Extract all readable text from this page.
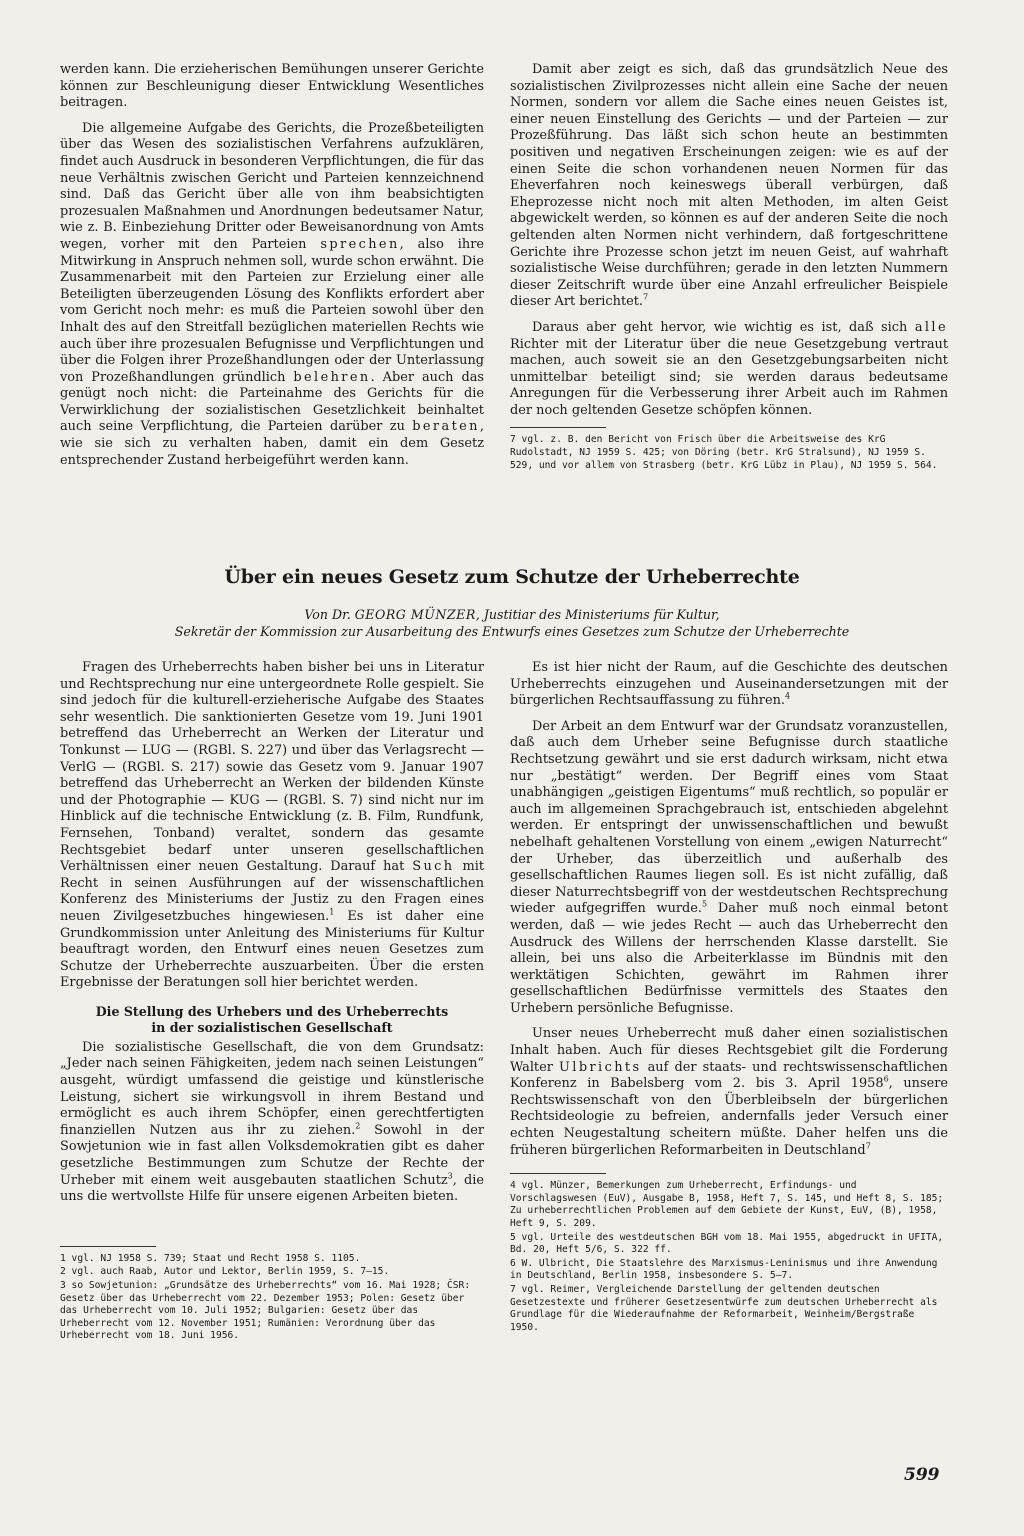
werden kann. Die erzieherischen Bemühungen unserer Gerichte können zur Beschleunigung dieser Entwicklung Wesentliches beitragen.

Die allgemeine Aufgabe des Gerichts, die Prozeßbeteiligten über das Wesen des sozialistischen Verfahrens aufzuklären, findet auch Ausdruck in besonderen Verpflichtungen, die für das neue Verhältnis zwischen Gericht und Parteien kennzeichnend sind. Daß das Gericht über alle von ihm beabsichtigten prozesualen Maßnahmen und Anordnungen bedeutsamer Natur, wie z. B. Einbeziehung Dritter oder Beweisanordnung von Amts wegen, vorher mit den Parteien sprechen, also ihre Mitwirkung in Anspruch nehmen soll, wurde schon erwähnt. Die Zusammenarbeit mit den Parteien zur Erzielung einer alle Beteiligten überzeugenden Lösung des Konflikts erfordert aber vom Gericht noch mehr: es muß die Parteien sowohl über den Inhalt des auf den Streitfall bezüglichen materiellen Rechts wie auch über ihre prozesualen Befugnisse und Verpflichtungen und über die Folgen ihrer Prozeßhandlungen oder der Unterlassung von Prozeßhandlungen gründlich belehren. Aber auch das genügt noch nicht: die Parteinahme des Gerichts für die Verwirklichung der sozialistischen Gesetzlichkeit beinhaltet auch seine Verpflichtung, die Parteien darüber zu beraten, wie sie sich zu verhalten haben, damit ein dem Gesetz entsprechender Zustand herbeigeführt werden kann.

Damit aber zeigt es sich, daß das grundsätzlich Neue des sozialistischen Zivilprozesses nicht allein eine Sache der neuen Normen, sondern vor allem die Sache eines neuen Geistes ist, einer neuen Einstellung des Gerichts — und der Parteien — zur Prozeßführung. Das läßt sich schon heute an bestimmten positiven und negativen Erscheinungen zeigen: wie es auf der einen Seite die schon vorhandenen neuen Normen für das Eheverfahren noch keineswegs überall verbürgen, daß Eheprozesse nicht noch mit alten Methoden, im alten Geist abgewickelt werden, so können es auf der anderen Seite die noch geltenden alten Normen nicht verhindern, daß fortgeschrittene Gerichte ihre Prozesse schon jetzt im neuen Geist, auf wahrhaft sozialistische Weise durchführen; gerade in den letzten Nummern dieser Zeitschrift wurde über eine Anzahl erfreulicher Beispiele dieser Art berichtet.$^7$

Daraus aber geht hervor, wie wichtig es ist, daß sich alle Richter mit der Literatur über die neue Gesetzgebung vertraut machen, auch soweit sie an den Gesetzgebungsarbeiten nicht unmittelbar beteiligt sind; sie werden daraus bedeutsame Anregungen für die Verbesserung ihrer Arbeit auch im Rahmen der noch geltenden Gesetze schöpfen können.

7 vgl. z. B. den Bericht von Frisch über die Arbeitsweise des KrG Rudolstadt, NJ 1959 S. 425; von Döring (betr. KrG Stralsund), NJ 1959 S. 529, und vor allem von Strasberg (betr. KrG Lübz in Plau), NJ 1959 S. 564.

Über ein neues Gesetz zum Schutze der Urheberrechte
Von Dr. GEORG MÜNZER, Justitiar des Ministeriums für Kultur,
Sekretär der Kommission zur Ausarbeitung des Entwurfs eines Gesetzes zum Schutze der Urheberrechte

Fragen des Urheberrechts haben bisher bei uns in Literatur und Rechtsprechung nur eine untergeordnete Rolle gespielt. Sie sind jedoch für die kulturell-erzieherische Aufgabe des Staates sehr wesentlich. Die sanktionierten Gesetze vom 19. Juni 1901 betreffend das Urheberrecht an Werken der Literatur und Tonkunst — LUG — (RGBl. S. 227) und über das Verlagsrecht — VerlG — (RGBl. S. 217) sowie das Gesetz vom 9. Januar 1907 betreffend das Urheberrecht an Werken der bildenden Künste und der Photographie — KUG — (RGBl. S. 7) sind nicht nur im Hinblick auf die technische Entwicklung (z. B. Film, Rundfunk, Fernsehen, Tonband) veraltet, sondern das gesamte Rechtsgebiet bedarf unter unseren gesellschaftlichen Verhältnissen einer neuen Gestaltung. Darauf hat Such mit Recht in seinen Ausführungen auf der wissenschaftlichen Konferenz des Ministeriums der Justiz zu den Fragen eines neuen Zivilgesetzbuches hingewiesen.$^1$ Es ist daher eine Grundkommission unter Anleitung des Ministeriums für Kultur beauftragt worden, den Entwurf eines neuen Gesetzes zum Schutze der Urheberrechte auszuarbeiten. Über die ersten Ergebnisse der Beratungen soll hier berichtet werden.

Die Stellung des Urhebers und des Urheberrechts
in der sozialistischen Gesellschaft

Die sozialistische Gesellschaft, die von dem Grundsatz: „Jeder nach seinen Fähigkeiten, jedem nach seinen Leistungen“ ausgeht, würdigt umfassend die geistige und künstlerische Leistung, sichert sie wirkungsvoll in ihrem Bestand und ermöglicht es auch ihrem Schöpfer, einen gerechtfertigten finanziellen Nutzen aus ihr zu ziehen.$^2$ Sowohl in der Sowjetunion wie in fast allen Volksdemokratien gibt es daher gesetzliche Bestimmungen zum Schutze der Rechte der Urheber mit einem weit ausgebauten staatlichen Schutz$^3$, die uns die wertvollste Hilfe für unsere eigenen Arbeiten bieten.

1 vgl. NJ 1958 S. 739; Staat und Recht 1958 S. 1105.

2 vgl. auch Raab, Autor und Lektor, Berlin 1959, S. 7–15.

3 so Sowjetunion: „Grundsätze des Urheberrechts“ vom 16. Mai 1928; ČSR: Gesetz über das Urheberrecht vom 22. Dezember 1953; Polen: Gesetz über das Urheberrecht vom 10. Juli 1952; Bulgarien: Gesetz über das Urheberrecht vom 12. November 1951; Rumänien: Verordnung über das Urheberrecht vom 18. Juni 1956.

Es ist hier nicht der Raum, auf die Geschichte des deutschen Urheberrechts einzugehen und Auseinandersetzungen mit der bürgerlichen Rechtsauffassung zu führen.$^4$

Der Arbeit an dem Entwurf war der Grundsatz voranzustellen, daß auch dem Urheber seine Befugnisse durch staatliche Rechtsetzung gewährt und sie erst dadurch wirksam, nicht etwa nur „bestätigt“ werden. Der Begriff eines vom Staat unabhängigen „geistigen Eigentums“ muß rechtlich, so populär er auch im allgemeinen Sprachgebrauch ist, entschieden abgelehnt werden. Er entspringt der unwissenschaftlichen und bewußt nebelhaft gehaltenen Vorstellung von einem „ewigen Naturrecht“ der Urheber, das überzeitlich und außerhalb des gesellschaftlichen Raumes liegen soll. Es ist nicht zufällig, daß dieser Naturrechtsbegriff von der westdeutschen Rechtsprechung wieder aufgegriffen wurde.$^5$ Daher muß noch einmal betont werden, daß — wie jedes Recht — auch das Urheberrecht den Ausdruck des Willens der herrschenden Klasse darstellt. Sie allein, bei uns also die Arbeiterklasse im Bündnis mit den werktätigen Schichten, gewährt im Rahmen ihrer gesellschaftlichen Bedürfnisse vermittels des Staates den Urhebern persönliche Befugnisse.

Unser neues Urheberrecht muß daher einen sozialistischen Inhalt haben. Auch für dieses Rechtsgebiet gilt die Forderung Walter Ulbrichts auf der staats- und rechtswissenschaftlichen Konferenz in Babelsberg vom 2. bis 3. April 1958$^6$, unsere Rechtswissenschaft von den Überbleibseln der bürgerlichen Rechtsideologie zu befreien, andernfalls jeder Versuch einer echten Neugestaltung scheitern müßte. Daher helfen uns die früheren bürgerlichen Reformarbeiten in Deutschland$^7$

4 vgl. Münzer, Bemerkungen zum Urheberrecht, Erfindungs- und Vorschlagswesen (EuV), Ausgabe B, 1958, Heft 7, S. 145, und Heft 8, S. 185; Zu urheberrechtlichen Problemen auf dem Gebiete der Kunst, EuV, (B), 1958, Heft 9, S. 209.

5 vgl. Urteile des westdeutschen BGH vom 18. Mai 1955, abgedruckt in UFITA, Bd. 20, Heft 5/6, S. 322 ff.

6 W. Ulbricht, Die Staatslehre des Marxismus-Leninismus und ihre Anwendung in Deutschland, Berlin 1958, insbesondere S. 5–7.

7 vgl. Reimer, Vergleichende Darstellung der geltenden deutschen Gesetzestexte und früherer Gesetzesentwürfe zum deutschen Urheberrecht als Grundlage für die Wiederaufnahme der Reformarbeit, Weinheim/Bergstraße 1950.

599
